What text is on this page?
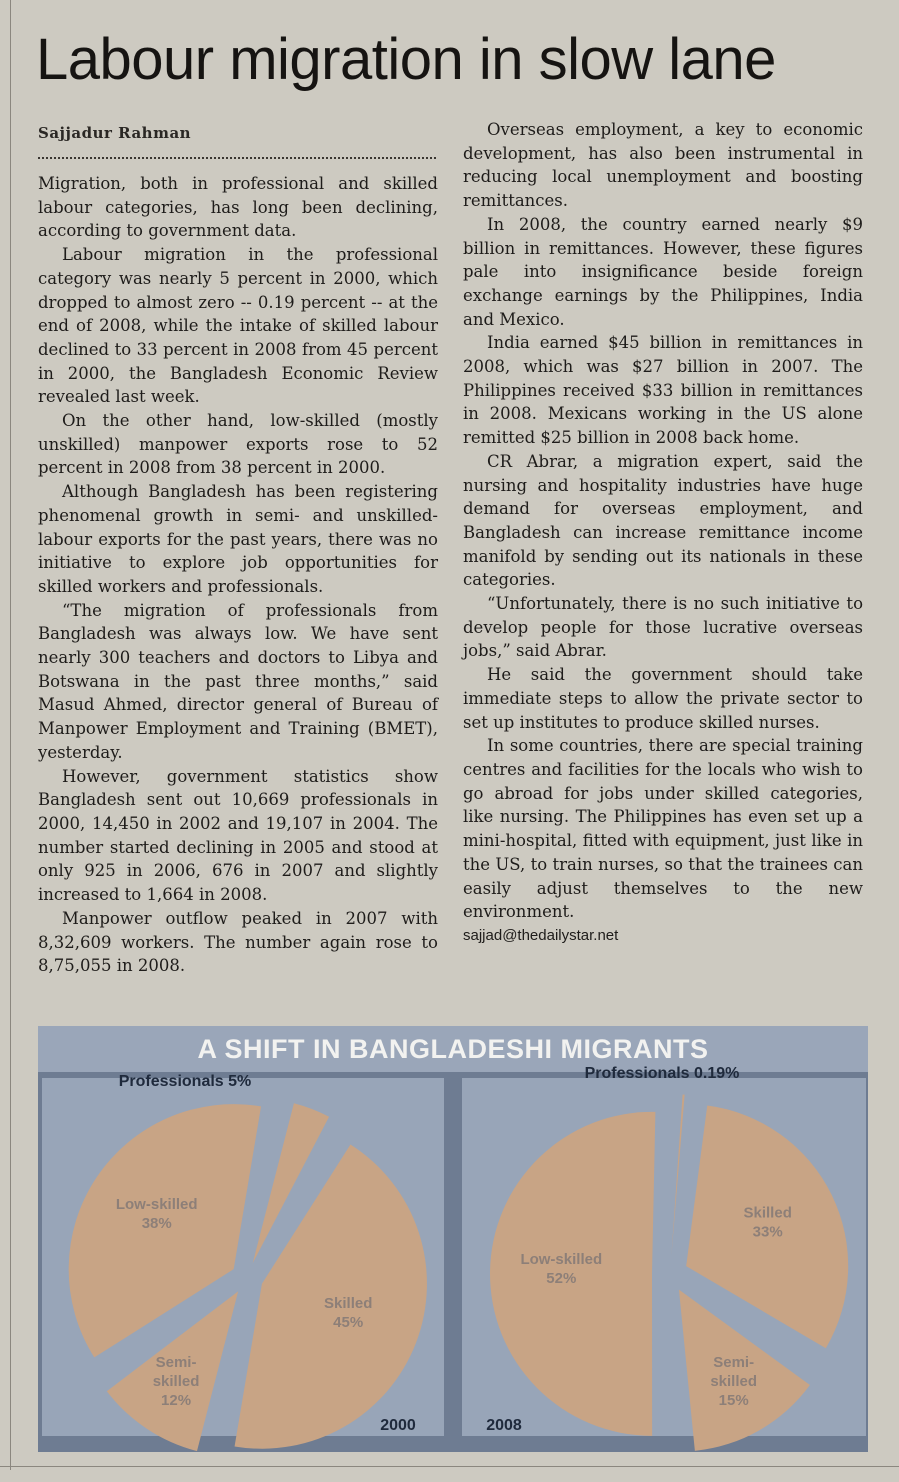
Labour migration in slow lane
Sajjadur Rahman

Migration, both in professional and skilled labour categories, has long been declining, according to government data.

Labour migration in the professional category was nearly 5 percent in 2000, which dropped to almost zero -- 0.19 percent -- at the end of 2008, while the intake of skilled labour declined to 33 percent in 2008 from 45 percent in 2000, the Bangladesh Economic Review revealed last week.

On the other hand, low-skilled (mostly unskilled) manpower exports rose to 52 percent in 2008 from 38 percent in 2000.

Although Bangladesh has been registering phenomenal growth in semi- and unskilled-labour exports for the past years, there was no initiative to explore job opportunities for skilled workers and professionals.

“The migration of professionals from Bangladesh was always low. We have sent nearly 300 teachers and doctors to Libya and Botswana in the past three months,” said Masud Ahmed, director general of Bureau of Manpower Employment and Training (BMET), yesterday.

However, government statistics show Bangladesh sent out 10,669 professionals in 2000, 14,450 in 2002 and 19,107 in 2004. The number started declining in 2005 and stood at only 925 in 2006, 676 in 2007 and slightly increased to 1,664 in 2008.

Manpower outflow peaked in 2007 with 8,32,609 workers. The number again rose to 8,75,055 in 2008.

Overseas employment, a key to economic development, has also been instrumental in reducing local unemployment and boosting remittances.

In 2008, the country earned nearly $9 billion in remittances. However, these figures pale into insignificance beside foreign exchange earnings by the Philippines, India and Mexico.

India earned $45 billion in remittances in 2008, which was $27 billion in 2007. The Philippines received $33 billion in remittances in 2008. Mexicans working in the US alone remitted $25 billion in 2008 back home.

CR Abrar, a migration expert, said the nursing and hospitality industries have huge demand for overseas employment, and Bangladesh can increase remittance income manifold by sending out its nationals in these categories.

“Unfortunately, there is no such initiative to develop people for those lucrative overseas jobs,” said Abrar.

He said the government should take immediate steps to allow the private sector to set up institutes to produce skilled nurses.

In some countries, there are special training centres and facilities for the locals who wish to go abroad for jobs under skilled categories, like nursing. The Philippines has even set up a mini-hospital, fitted with equipment, just like in the US, to train nurses, so that the trainees can easily adjust themselves to the new environment.

sajjad@thedailystar.net

A SHIFT IN BANGLADESHI MIGRANTS
Professionals 5%
Skilled 45%
Semi-skilled 12%
Low-skilled 38%
2000
Professionals 0.19%
Skilled 33%
Semi-skilled 15%
Low-skilled 52%
2008
